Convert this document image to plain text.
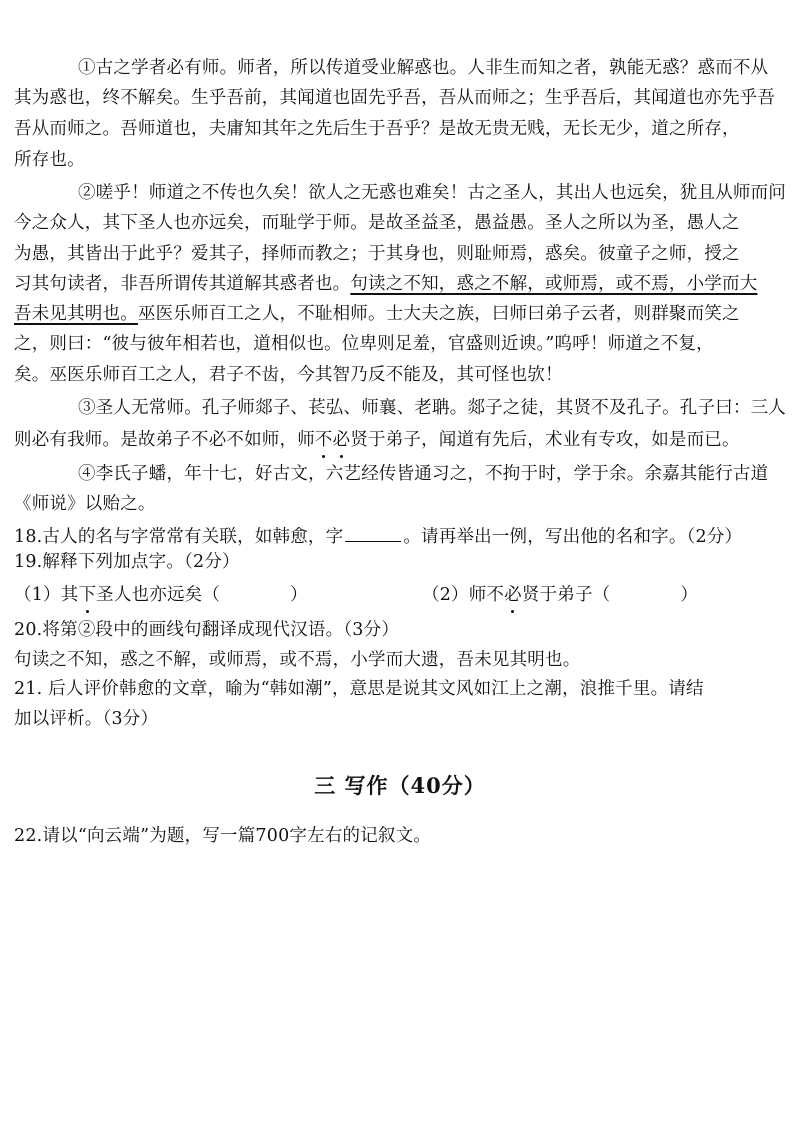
①古之学者必有师。师者，所以传道受业解惑也。人非生而知之者，孰能无惑？惑而不从
其为惑也，终不解矣。生乎吾前，其闻道也固先乎吾，吾从而师之；生乎吾后，其闻道也亦先乎吾
吾从而师之。吾师道也，夫庸知其年之先后生于吾乎？是故无贵无贱，无长无少，道之所存，
所存也。
②嗟乎！师道之不传也久矣！欲人之无惑也难矣！古之圣人，其出人也远矣，犹且从师而问
今之众人，其下圣人也亦远矣，而耻学于师。是故圣益圣，愚益愚。圣人之所以为圣，愚人之
为愚，其皆出于此乎？爱其子，择师而教之；于其身也，则耻师焉，惑矣。彼童子之师，授之
习其句读者，非吾所谓传其道解其惑者也。句读之不知，惑之不解，或师焉，或不焉，小学而大
吾未见其明也。巫医乐师百工之人，不耻相师。士大夫之族，曰师曰弟子云者，则群聚而笑之
之，则曰：“彼与彼年相若也，道相似也。位卑则足羞，官盛则近谀。”呜呼！师道之不复，
矣。巫医乐师百工之人，君子不齿，今其智乃反不能及，其可怪也欤！
③圣人无常师。孔子师郯子、苌弘、师襄、老聃。郯子之徒，其贤不及孔子。孔子曰：三人
则必有我师。是故弟子不必不如师，师不必贤于弟子，闻道有先后，术业有专攻，如是而已。
④李氏子蟠，年十七，好古文，六艺经传皆通习之，不拘于时，学于余。余嘉其能行古道
《师说》以贻之。
18.古人的名与字常常有关联，如韩愈，字	。请再举出一例，写出他的名和字。（2分）
19.解释下列加点字。（2分）
（1）其下圣人也亦远矣（	）	（2）师不必贤于弟子（	）
20.将第②段中的画线句翻译成现代汉语。（3分）
句读之不知，惑之不解，或师焉，或不焉，小学而大遗，吾未见其明也。
21. 后人评价韩愈的文章，喻为“韩如潮”，意思是说其文风如江上之潮，浪推千里。请结
加以评析。（3分）
三 写作（40分）
22.请以“向云端”为题，写一篇700字左右的记叙文。
